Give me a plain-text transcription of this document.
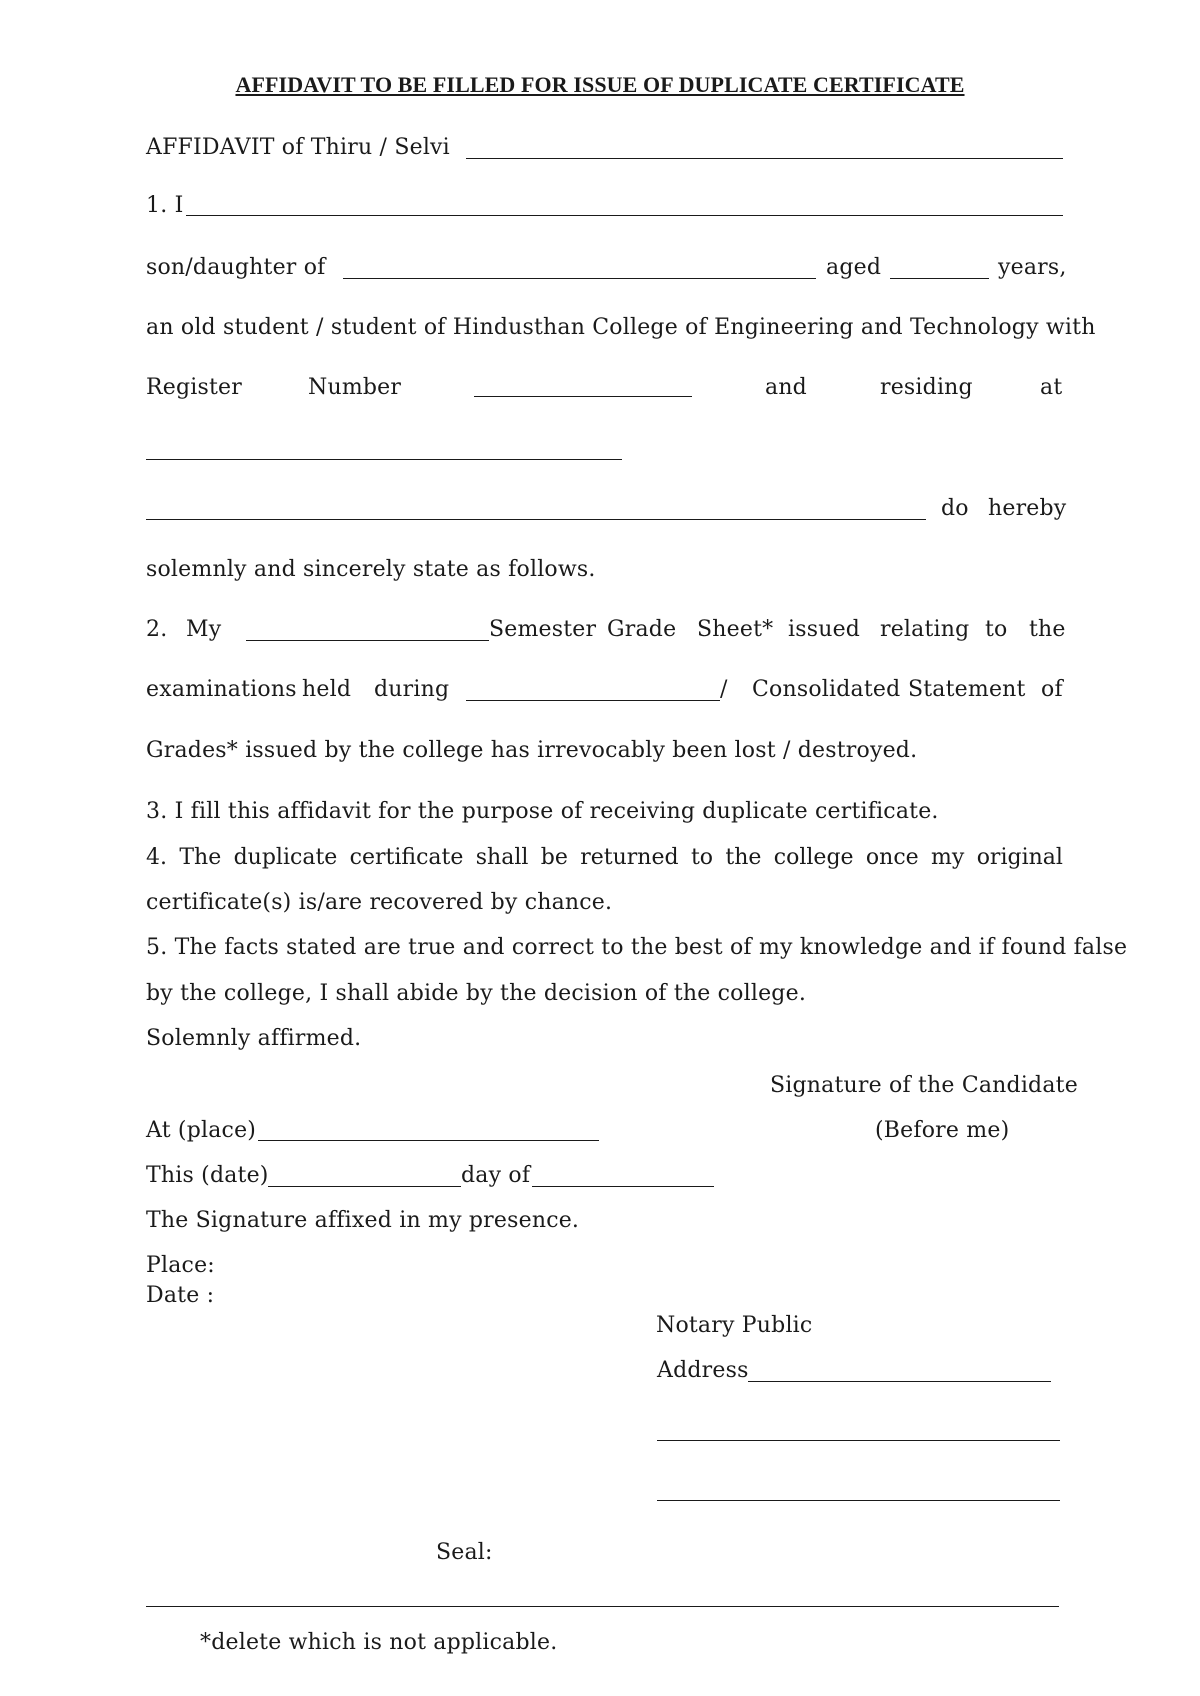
AFFIDAVIT TO BE FILLED FOR ISSUE OF DUPLICATE CERTIFICATE
AFFIDAVIT of Thiru / Selvi
1. I
son/daughter of	aged	years,
an old student / student of Hindusthan College of Engineering and Technology with
Register	Number	and	residing	at
do hereby
solemnly and sincerely state as follows.
2. My	Semester Grade Sheet* issued relating to the
examinations held during	/ Consolidated Statement of
Grades* issued by the college has irrevocably been lost / destroyed.
3. I fill this affidavit for the purpose of receiving duplicate certificate.
4. The duplicate certificate shall be returned to the college once my original
certificate(s) is/are recovered by chance.
5. The facts stated are true and correct to the best of my knowledge and if found false
by the college, I shall abide by the decision of the college.
Solemnly affirmed.
Signature of the Candidate
At (place)	(Before me)
This (date)	day of
The Signature affixed in my presence.
Place:
Date :
Notary Public
Address
Seal:
*delete which is not applicable.
